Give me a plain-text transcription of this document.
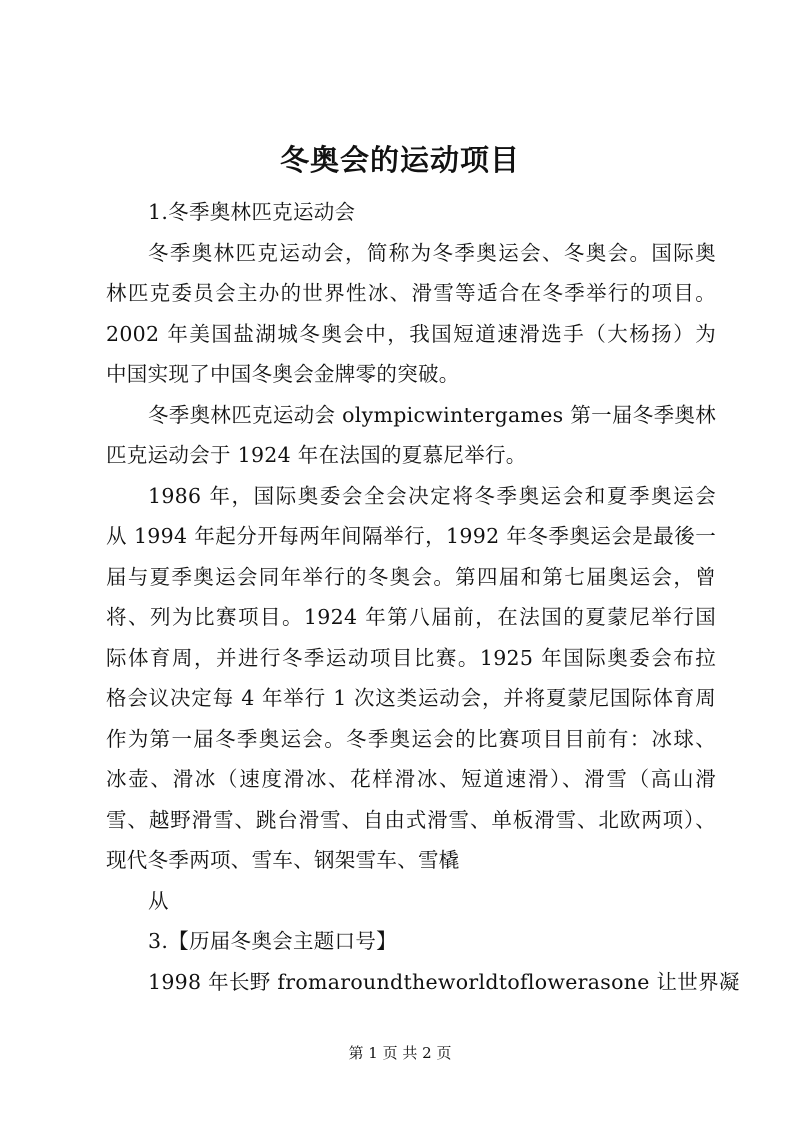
冬奥会的运动项目
1.冬季奥林匹克运动会
冬季奥林匹克运动会，简称为冬季奥运会、冬奥会。国际奥
林匹克委员会主办的世界性冰、滑雪等适合在冬季举行的项目。
2002 年美国盐湖城冬奥会中，我国短道速滑选手（大杨扬）为
中国实现了中国冬奥会金牌零的突破。
冬季奥林匹克运动会 olympicwintergames 第一届冬季奥林
匹克运动会于 1924 年在法国的夏慕尼举行。
1986 年，国际奥委会全会决定将冬季奥运会和夏季奥运会
从 1994 年起分开每两年间隔举行，1992 年冬季奥运会是最後一
届与夏季奥运会同年举行的冬奥会。第四届和第七届奥运会，曾
将、列为比赛项目。1924 年第八届前，在法国的夏蒙尼举行国
际体育周，并进行冬季运动项目比赛。1925 年国际奥委会布拉
格会议决定每 4 年举行 1 次这类运动会，并将夏蒙尼国际体育周
作为第一届冬季奥运会。冬季奥运会的比赛项目目前有：冰球、
冰壶、滑冰（速度滑冰、花样滑冰、短道速滑）、滑雪（高山滑
雪、越野滑雪、跳台滑雪、自由式滑雪、单板滑雪、北欧两项）、
现代冬季两项、雪车、钢架雪车、雪橇
从
3.【历届冬奥会主题口号】
1998 年长野 fromaroundtheworldtoflowerasone 让世界凝
第 1 页 共 2 页
